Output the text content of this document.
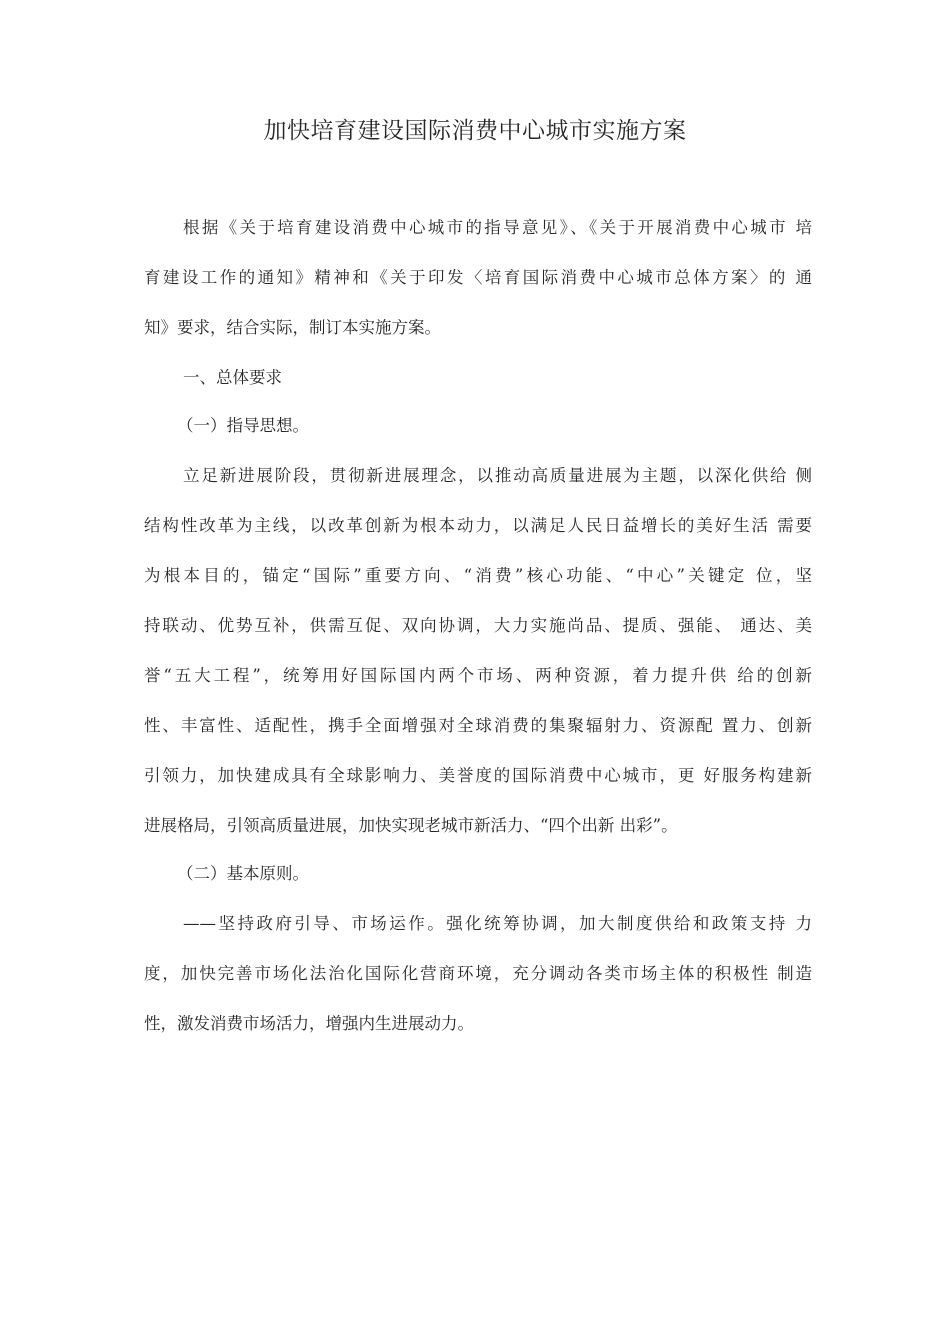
加快培育建设国际消费中心城市实施方案
根据《关于培育建设消费中心城市的指导意见》、《关于开展消费中心城市 培
育建设工作的通知》精神和《关于印发〈培育国际消费中心城市总体方案〉的 通
知》要求，结合实际，制订本实施方案。
一、总体要求
（一）指导思想。
立足新进展阶段，贯彻新进展理念，以推动高质量进展为主题，以深化供给 侧
结构性改革为主线，以改革创新为根本动力，以满足人民日益增长的美好生活 需要
为根本目的，锚定“国际”重要方向、“消费”核心功能、“中心”关键定 位，坚
持联动、优势互补，供需互促、双向协调，大力实施尚品、提质、强能、 通达、美
誉“五大工程”，统筹用好国际国内两个市场、两种资源，着力提升供 给的创新
性、丰富性、适配性，携手全面增强对全球消费的集聚辐射力、资源配 置力、创新
引领力，加快建成具有全球影响力、美誉度的国际消费中心城市，更 好服务构建新
进展格局，引领高质量进展，加快实现老城市新活力、“四个出新 出彩”。
（二）基本原则。
——坚持政府引导、市场运作。强化统筹协调，加大制度供给和政策支持 力
度，加快完善市场化法治化国际化营商环境，充分调动各类市场主体的积极性 制造
性，激发消费市场活力，增强内生进展动力。
